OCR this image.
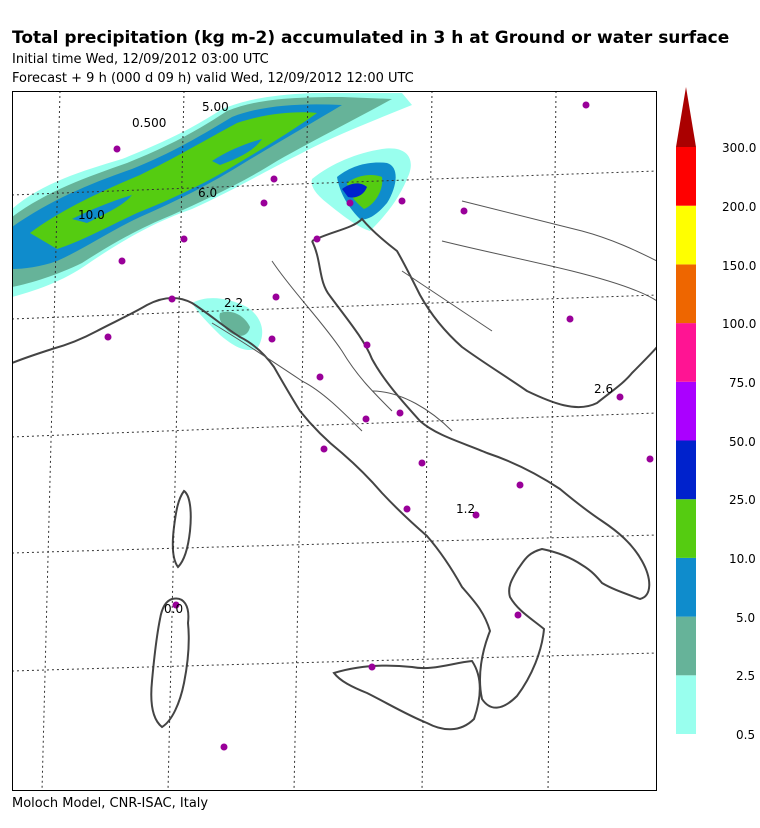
Total precipitation (kg m-2) accumulated in 3 h at Ground or water surface
Initial time Wed, 12/09/2012 03:00 UTC
Forecast + 9 h (000 d 09 h) valid Wed, 12/09/2012 12:00 UTC
0.500
5.00
10.0
6.0
2.2
2.6
1.2
0.0
300.0
200.0
150.0
100.0
75.0
50.0
25.0
10.0
5.0
2.5
0.5
Moloch Model, CNR-ISAC, Italy
